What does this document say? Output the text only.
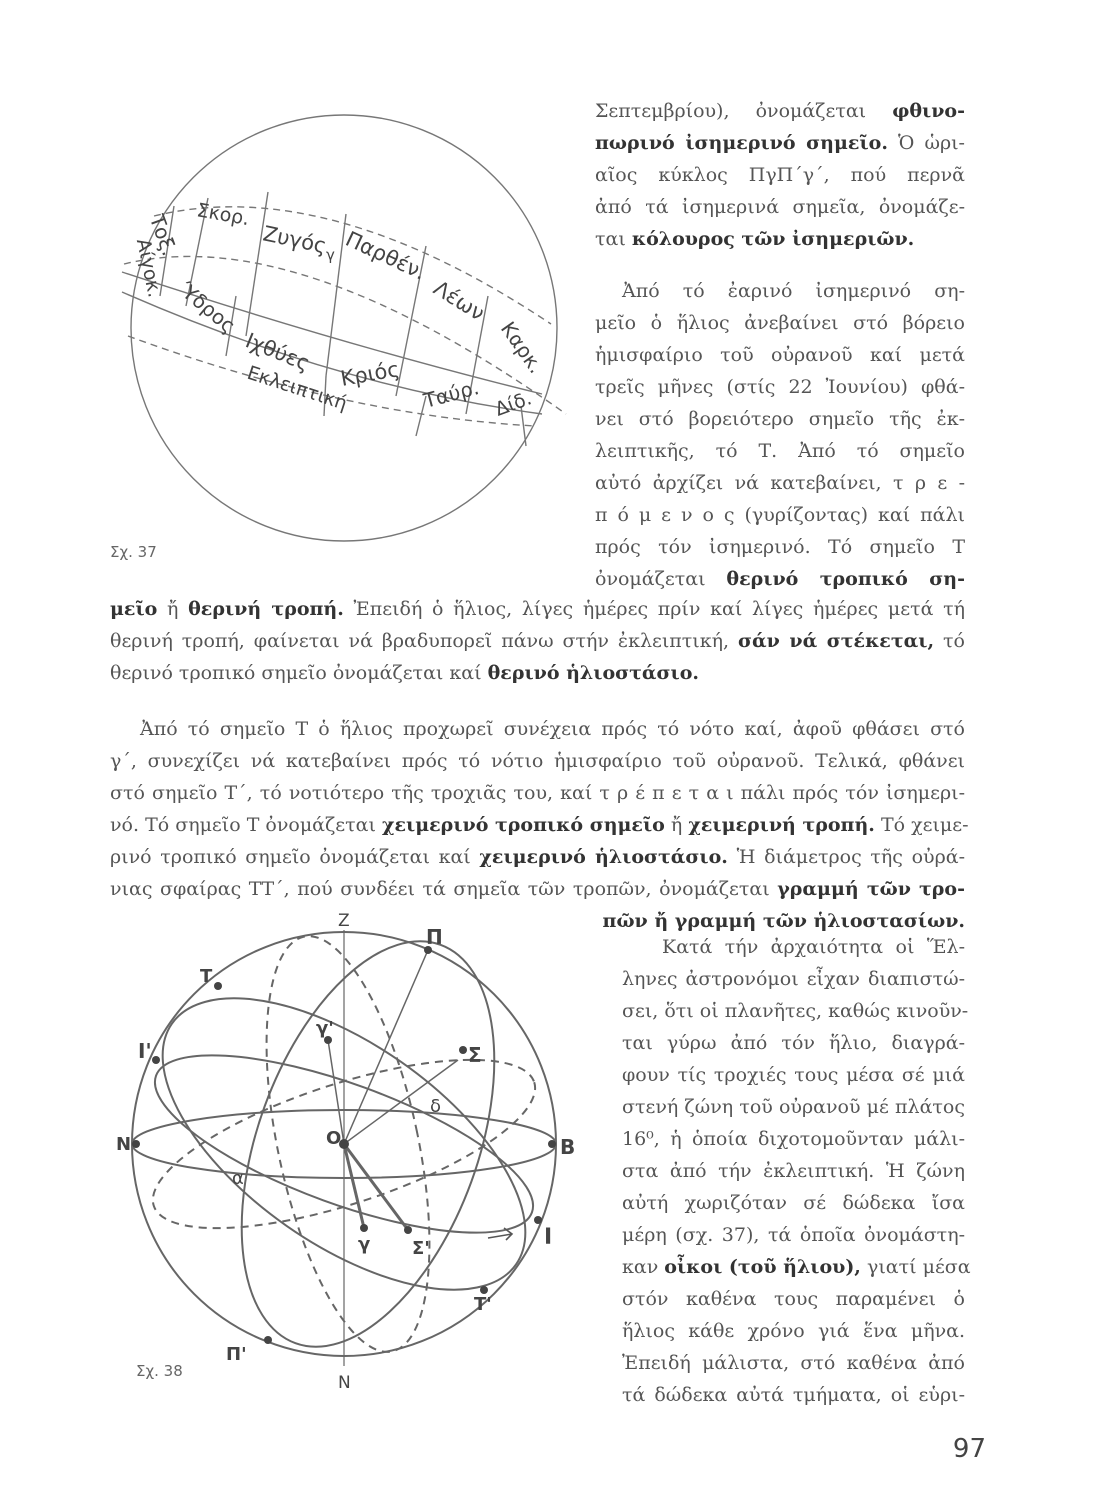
Τοξ. Σκορ.
Ζυγός Παρθέν.
Λέων
Καρκ.
Αίγοκ.
Ύδρος
Ιχθύες Κριός
Ταύρ. Δίδ.
Εκλειπτική
γ
Σχ. 37
Σεπτεμβρίου), ὀνομάζεται φθινο-
πωρινό ἰσημερινό σημεῖο. Ὁ ὡρι-
αῖος κύκλος ΠγΠ΄γ΄, πού περνᾶ
ἀπό τά ἰσημερινά σημεῖα, ὀνομάζε-
ται κόλουρος τῶν ἰσημεριῶν.
Ἀπό τό ἐαρινό ἰσημερινό ση-
μεῖο ὁ ἥλιος ἀνεβαίνει στό βόρειο
ἡμισφαίριο τοῦ οὐρανοῦ καί μετά
τρεῖς μῆνες (στίς 22 Ἰουνίου) φθά-
νει στό βορειότερο σημεῖο τῆς ἐκ-
λειπτικῆς, τό Τ. Ἀπό τό σημεῖο
αὐτό ἀρχίζει νά κατεβαίνει, τ ρ ε -
π ό μ ε ν ο ς (γυρίζοντας) καί πάλι
πρός τόν ἰσημερινό. Τό σημεῖο Τ
ὀνομάζεται θερινό τροπικό ση-
μεῖο ἤ θερινή τροπή. Ἐπειδή ὁ ἥλιος, λίγες ἡμέρες πρίν καί λίγες ἡμέρες μετά τή
θερινή τροπή, φαίνεται νά βραδυπορεῖ πάνω στήν ἐκλειπτική, σάν νά στέκεται, τό
θερινό τροπικό σημεῖο ὀνομάζεται καί θερινό ἡλιοστάσιο.
Ἀπό τό σημεῖο Τ ὁ ἥλιος προχωρεῖ συνέχεια πρός τό νότο καί, ἀφοῦ φθάσει στό
γ΄, συνεχίζει νά κατεβαίνει πρός τό νότιο ἡμισφαίριο τοῦ οὐρανοῦ. Τελικά, φθάνει
στό σημεῖο Τ΄, τό νοτιότερο τῆς τροχιᾶς του, καί τ ρ έ π ε τ α ι πάλι πρός τόν ἰσημερι-
νό. Τό σημεῖο Τ ὀνομάζεται χειμερινό τροπικό σημεῖο ἤ χειμερινή τροπή. Τό χειμε-
ρινό τροπικό σημεῖο ὀνομάζεται καί χειμερινό ἡλιοστάσιο. Ἡ διάμετρος τῆς οὐρά-
νιας σφαίρας ΤΤ΄, πού συνδέει τά σημεῖα τῶν τροπῶν, ὀνομάζεται γραμμή τῶν τρο-
πῶν ἤ γραμμή τῶν ἡλιοστασίων.
Ζ
Π
Τ
Ι'
γ'
Σ
δ
Β
Ν	Ο
α
Ι
γ Σ'
Τ'
Π'
N
Σχ. 38
Κατά τήν ἀρχαιότητα οἱ Ἕλ-
ληνες ἀστρονόμοι εἶχαν διαπιστώ-
σει, ὅτι οἱ πλανῆτες, καθώς κινοῦν-
ται γύρω ἀπό τόν ἥλιο, διαγρά-
φουν τίς τροχιές τους μέσα σέ μιά
στενή ζώνη τοῦ οὐρανοῦ μέ πλάτος
16⁰, ἡ ὁποία διχοτομοῦνταν μάλι-
στα ἀπό τήν ἐκλειπτική. Ἡ ζώνη
αὐτή χωριζόταν σέ δώδεκα ἴσα
μέρη (σχ. 37), τά ὁποῖα ὀνομάστη-
καν οἶκοι (τοῦ ἥλιου), γιατί μέσα
στόν καθένα τους παραμένει ὁ
ἥλιος κάθε χρόνο γιά ἕνα μῆνα.
Ἐπειδή μάλιστα, στό καθένα ἀπό
τά δώδεκα αὐτά τμήματα, οἱ εὑρι-
97
